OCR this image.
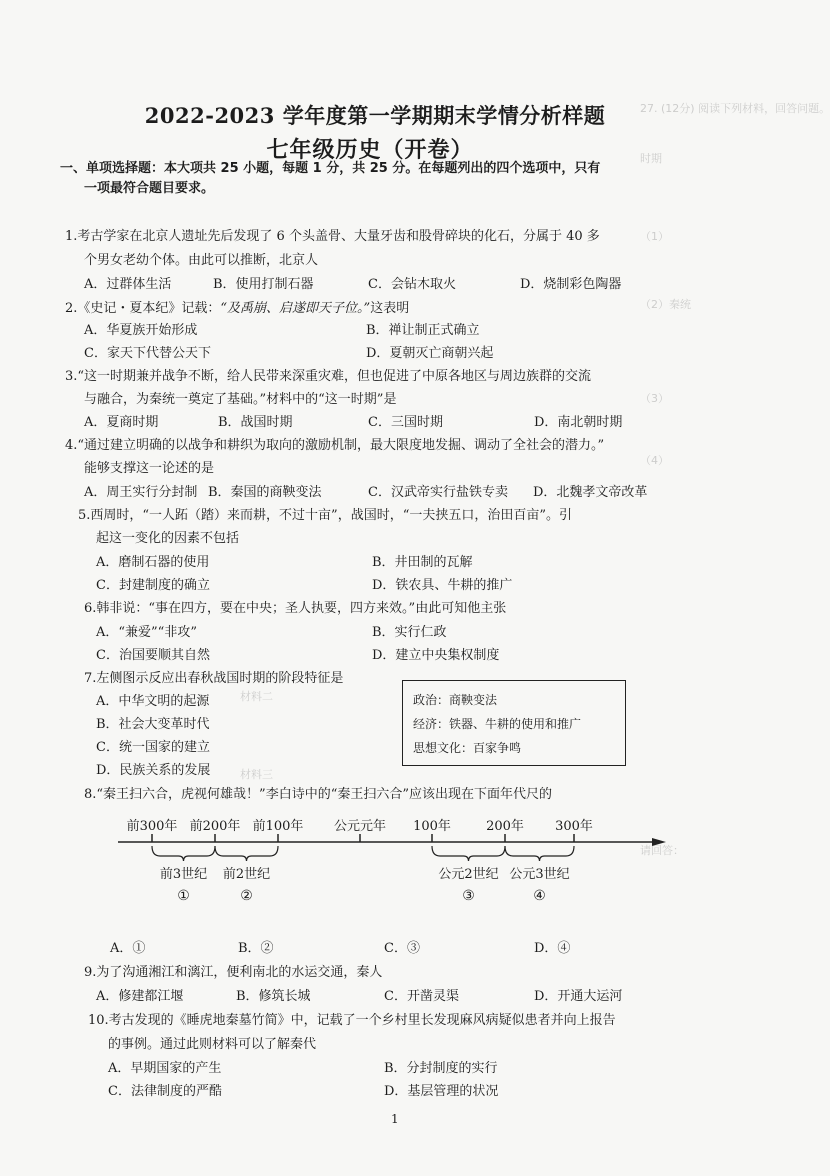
27. (12分) 阅读下列材料，回答问题。
时期
（1）
（2）秦统
（3）
（4）
材料二
材料三
请回答：
2022-2023 学年度第一学期期末学情分析样题
七年级历史（开卷）
一、单项选择题：本大项共 25 小题，每题 1 分，共 25 分。在每题列出的四个选项中，只有
一项最符合题目要求。
1.考古学家在北京人遗址先后发现了 6 个头盖骨、大量牙齿和股骨碎块的化石，分属于 40 多
个男女老幼个体。由此可以推断，北京人
A．过群体生活	B．使用打制石器	C．会钻木取火	D．烧制彩色陶器
2.《史记・夏本纪》记载：“及禹崩、启遂即天子位。”这表明
A．华夏族开始形成	B．禅让制正式确立
C．家天下代替公天下	D．夏朝灭亡商朝兴起
3.“这一时期兼并战争不断，给人民带来深重灾难，但也促进了中原各地区与周边族群的交流
与融合，为秦统一奠定了基础。”材料中的“这一时期”是
A．夏商时期	B．战国时期	C．三国时期	D．南北朝时期
4.“通过建立明确的以战争和耕织为取向的激励机制，最大限度地发掘、调动了全社会的潜力。”
能够支撑这一论述的是
A．周王实行分封制 B．秦国的商鞅变法	C．汉武帝实行盐铁专卖 D．北魏孝文帝改革
5.西周时，“一人跖（踏）来而耕，不过十亩”，战国时，“一夫挟五口，治田百亩”。引
起这一变化的因素不包括
A．磨制石器的使用	B．井田制的瓦解
C．封建制度的确立	D．铁农具、牛耕的推广
6.韩非说：“事在四方，要在中央；圣人执要，四方来效。”由此可知他主张
A．“兼爱”“非攻”	B．实行仁政
C．治国要顺其自然	D．建立中央集权制度
7.左侧图示反应出春秋战国时期的阶段特征是
A．中华文明的起源
B．社会大变革时代
C．统一国家的建立
D．民族关系的发展
政治：商鞅变法
经济：铁器、牛耕的使用和推广
思想文化：百家争鸣
8.“秦王扫六合，虎视何雄哉！”李白诗中的“秦王扫六合”应该出现在下面年代尺的
前300年 前200年 前100年 公元元年 100年	200年 300年
前3世纪
①
前2世纪
②
公元2世纪
③
公元3世纪
④
A．①	B．②	C．③	D．④
9.为了沟通湘江和漓江，便利南北的水运交通，秦人
A．修建都江堰	B．修筑长城	C．开凿灵渠	D．开通大运河
10.考古发现的《睡虎地秦墓竹简》中，记载了一个乡村里长发现麻风病疑似患者并向上报告
的事例。通过此则材料可以了解秦代
A．早期国家的产生	B．分封制度的实行
C．法律制度的严酷	D．基层管理的状况
1
